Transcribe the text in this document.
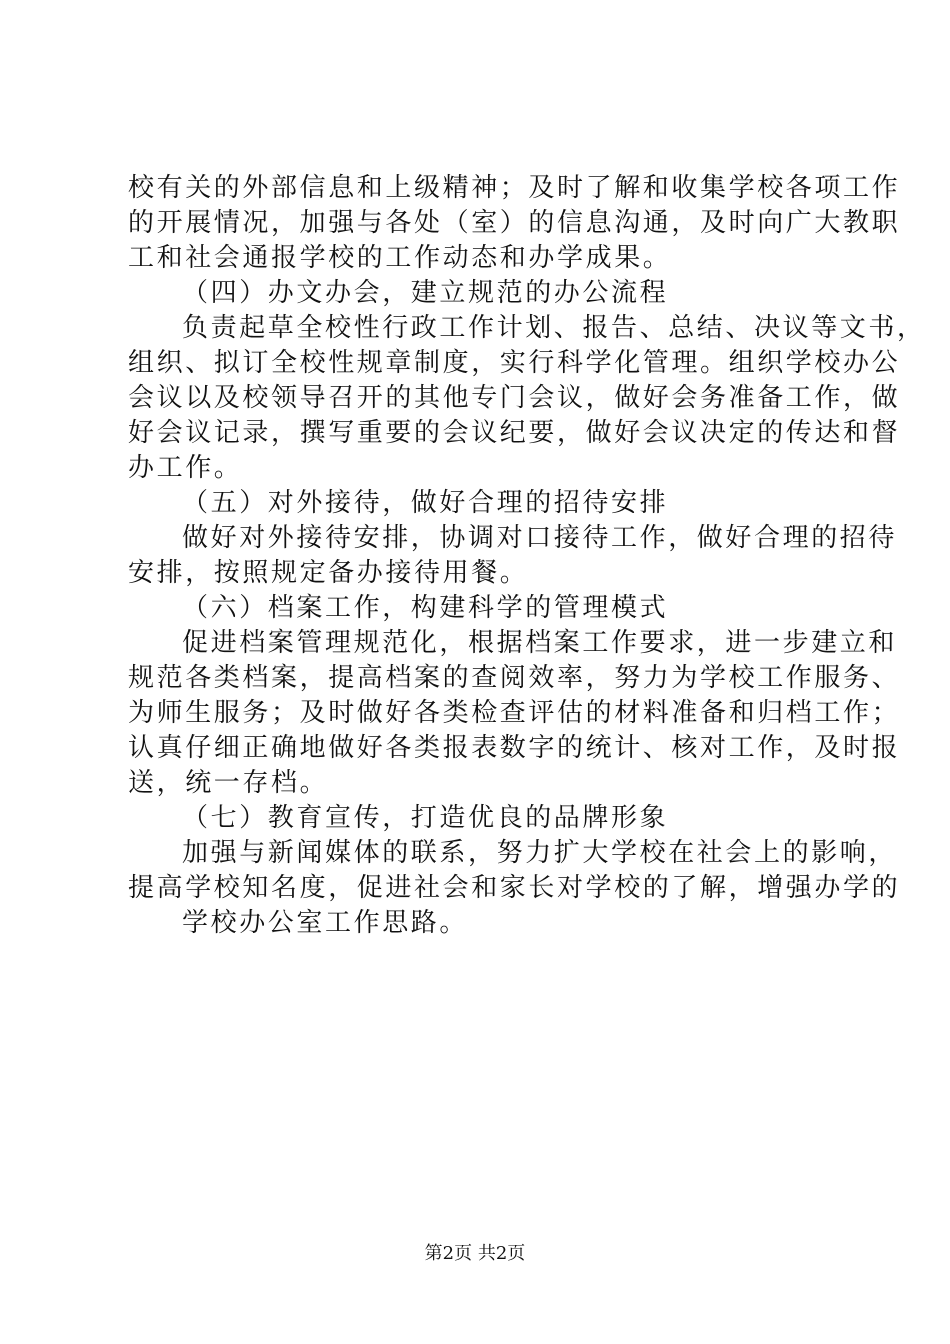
校有关的外部信息和上级精神；及时了解和收集学校各项工作
的开展情况，加强与各处（室）的信息沟通，及时向广大教职
工和社会通报学校的工作动态和办学成果。
（四）办文办会，建立规范的办公流程
负责起草全校性行政工作计划、报告、总结、决议等文书，
组织、拟订全校性规章制度，实行科学化管理。组织学校办公
会议以及校领导召开的其他专门会议，做好会务准备工作，做
好会议记录，撰写重要的会议纪要，做好会议决定的传达和督
办工作。
（五）对外接待，做好合理的招待安排
做好对外接待安排，协调对口接待工作，做好合理的招待
安排，按照规定备办接待用餐。
（六）档案工作，构建科学的管理模式
促进档案管理规范化，根据档案工作要求，进一步建立和
规范各类档案，提高档案的查阅效率，努力为学校工作服务、
为师生服务；及时做好各类检查评估的材料准备和归档工作；
认真仔细正确地做好各类报表数字的统计、核对工作，及时报
送，统一存档。
（七）教育宣传，打造优良的品牌形象
加强与新闻媒体的联系，努力扩大学校在社会上的影响，
提高学校知名度，促进社会和家长对学校的了解，增强办学的
学校办公室工作思路。
第2页 共2页
